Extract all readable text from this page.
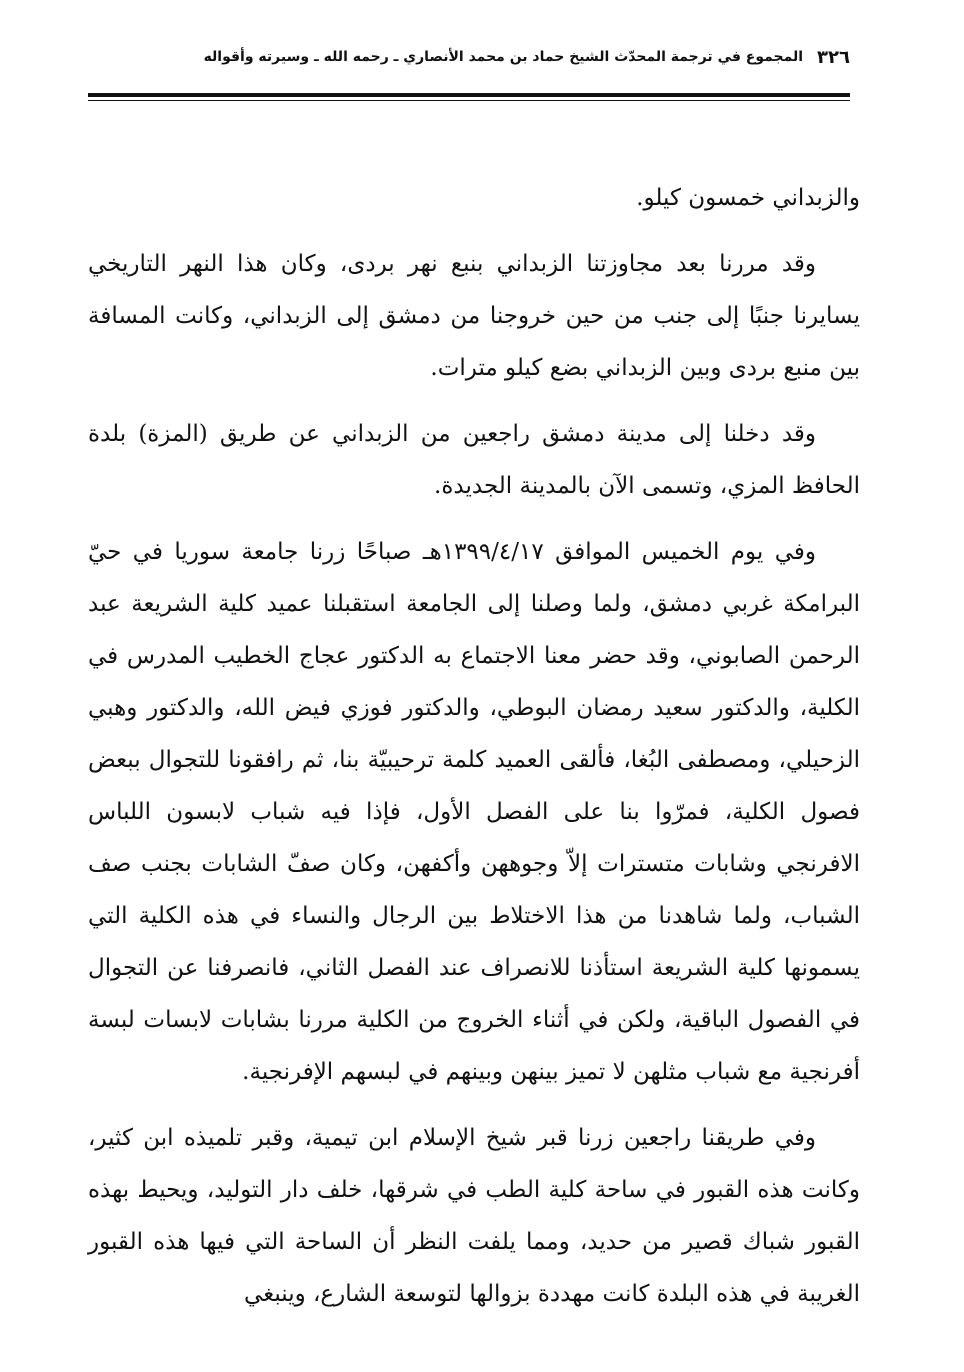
٣٢٦
المجموع في ترجمة المحدّث الشيخ حماد بن محمد الأنصاري ـ رحمه الله ـ وسيرته وأقواله

والزبداني خمسون كيلو.

وقد مررنا بعد مجاوزتنا الزبداني بنبع نهر بردى، وكان هذا النهر التاريخي يسايرنا جنبًا إلى جنب من حين خروجنا من دمشق إلى الزبداني، وكانت المسافة بين منبع بردى وبين الزبداني بضع كيلو مترات.

وقد دخلنا إلى مدينة دمشق راجعين من الزبداني عن طريق (المزة) بلدة الحافظ المزي، وتسمى الآن بالمدينة الجديدة.

وفي يوم الخميس الموافق ١٣٩٩/٤/١٧هـ صباحًا زرنا جامعة سوريا في حيّ البرامكة غربي دمشق، ولما وصلنا إلى الجامعة استقبلنا عميد كلية الشريعة عبد الرحمن الصابوني، وقد حضر معنا الاجتماع به الدكتور عجاج الخطيب المدرس في الكلية، والدكتور سعيد رمضان البوطي، والدكتور فوزي فيض الله، والدكتور وهبي الزحيلي، ومصطفى البُغا، فألقى العميد كلمة ترحيبيّة بنا، ثم رافقونا للتجوال ببعض فصول الكلية، فمرّوا بنا على الفصل الأول، فإذا فيه شباب لابسون اللباس الافرنجي وشابات متسترات إلاّ وجوههن وأكفهن، وكان صفّ الشابات بجنب صف الشباب، ولما شاهدنا من هذا الاختلاط بين الرجال والنساء في هذه الكلية التي يسمونها كلية الشريعة استأذنا للانصراف عند الفصل الثاني، فانصرفنا عن التجوال في الفصول الباقية، ولكن في أثناء الخروج من الكلية مررنا بشابات لابسات لبسة أفرنجية مع شباب مثلهن لا تميز بينهن وبينهم في لبسهم الإفرنجية.

وفي طريقنا راجعين زرنا قبر شيخ الإسلام ابن تيمية، وقبر تلميذه ابن كثير، وكانت هذه القبور في ساحة كلية الطب في شرقها، خلف دار التوليد، ويحيط بهذه القبور شباك قصير من حديد، ومما يلفت النظر أن الساحة التي فيها هذه القبور الغريبة في هذه البلدة كانت مهددة بزوالها لتوسعة الشارع، وينبغي
